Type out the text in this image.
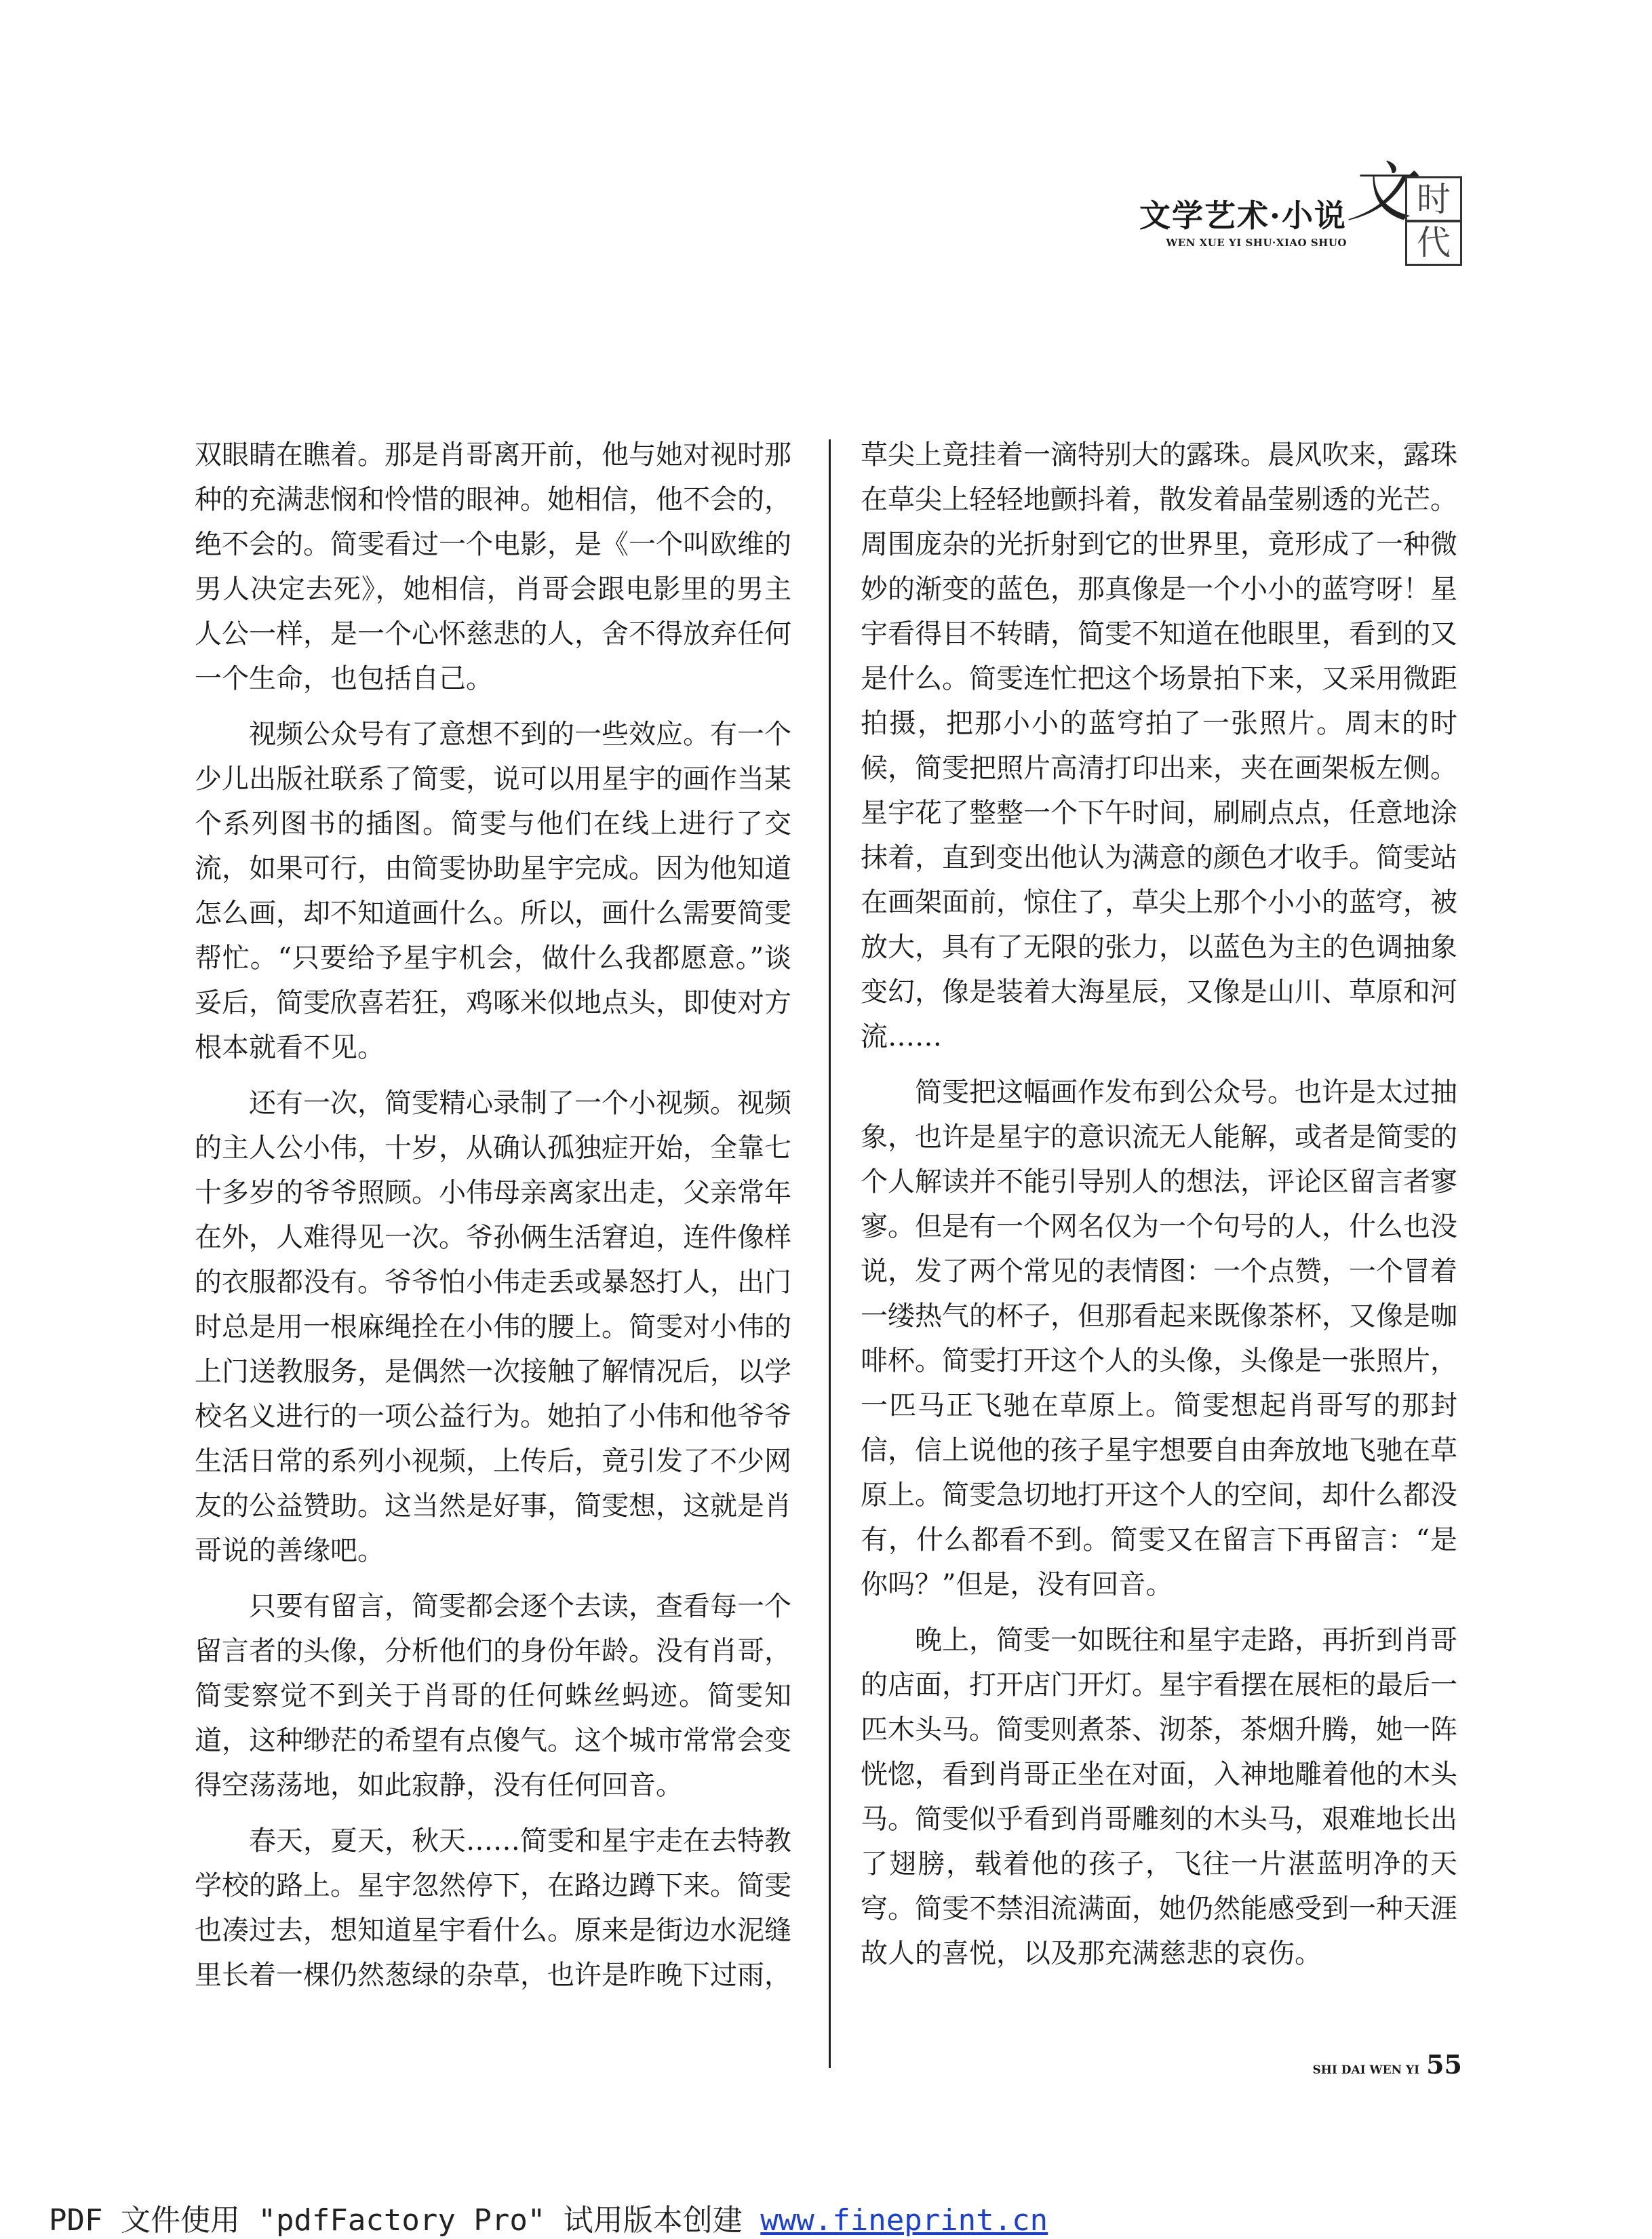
文学艺术·小说
WEN XUE YI SHU·XIAO SHUO
文 时
代

双眼睛在瞧着。那是肖哥离开前，他与她对视时那种的充满悲悯和怜惜的眼神。她相信，他不会的，绝不会的。简雯看过一个电影，是《一个叫欧维的男人决定去死》，她相信，肖哥会跟电影里的男主人公一样，是一个心怀慈悲的人，舍不得放弃任何一个生命，也包括自己。

视频公众号有了意想不到的一些效应。有一个少儿出版社联系了简雯，说可以用星宇的画作当某个系列图书的插图。简雯与他们在线上进行了交流，如果可行，由简雯协助星宇完成。因为他知道怎么画，却不知道画什么。所以，画什么需要简雯帮忙。“只要给予星宇机会，做什么我都愿意。”谈妥后，简雯欣喜若狂，鸡啄米似地点头，即使对方根本就看不见。

还有一次，简雯精心录制了一个小视频。视频的主人公小伟，十岁，从确认孤独症开始，全靠七十多岁的爷爷照顾。小伟母亲离家出走，父亲常年在外，人难得见一次。爷孙俩生活窘迫，连件像样的衣服都没有。爷爷怕小伟走丢或暴怒打人，出门时总是用一根麻绳拴在小伟的腰上。简雯对小伟的上门送教服务，是偶然一次接触了解情况后，以学校名义进行的一项公益行为。她拍了小伟和他爷爷生活日常的系列小视频，上传后，竟引发了不少网友的公益赞助。这当然是好事，简雯想，这就是肖哥说的善缘吧。

只要有留言，简雯都会逐个去读，查看每一个留言者的头像，分析他们的身份年龄。没有肖哥，简雯察觉不到关于肖哥的任何蛛丝蚂迹。简雯知道，这种缈茫的希望有点傻气。这个城市常常会变得空荡荡地，如此寂静，没有任何回音。

春天，夏天，秋天……简雯和星宇走在去特教学校的路上。星宇忽然停下，在路边蹲下来。简雯也凑过去，想知道星宇看什么。原来是街边水泥缝里长着一棵仍然葱绿的杂草，也许是昨晚下过雨，

草尖上竟挂着一滴特别大的露珠。晨风吹来，露珠在草尖上轻轻地颤抖着，散发着晶莹剔透的光芒。周围庞杂的光折射到它的世界里，竟形成了一种微妙的渐变的蓝色，那真像是一个小小的蓝穹呀！星宇看得目不转睛，简雯不知道在他眼里，看到的又是什么。简雯连忙把这个场景拍下来，又采用微距拍摄，把那小小的蓝穹拍了一张照片。周末的时候，简雯把照片高清打印出来，夹在画架板左侧。星宇花了整整一个下午时间，刷刷点点，任意地涂抹着，直到变出他认为满意的颜色才收手。简雯站在画架面前，惊住了，草尖上那个小小的蓝穹，被放大，具有了无限的张力，以蓝色为主的色调抽象变幻，像是装着大海星辰，又像是山川、草原和河流……

简雯把这幅画作发布到公众号。也许是太过抽象，也许是星宇的意识流无人能解，或者是简雯的个人解读并不能引导别人的想法，评论区留言者寥寥。但是有一个网名仅为一个句号的人，什么也没说，发了两个常见的表情图：一个点赞，一个冒着一缕热气的杯子，但那看起来既像茶杯，又像是咖啡杯。简雯打开这个人的头像，头像是一张照片，一匹马正飞驰在草原上。简雯想起肖哥写的那封信，信上说他的孩子星宇想要自由奔放地飞驰在草原上。简雯急切地打开这个人的空间，却什么都没有，什么都看不到。简雯又在留言下再留言：“是你吗？”但是，没有回音。

晚上，简雯一如既往和星宇走路，再折到肖哥的店面，打开店门开灯。星宇看摆在展柜的最后一匹木头马。简雯则煮茶、沏茶，茶烟升腾，她一阵恍惚，看到肖哥正坐在对面，入神地雕着他的木头马。简雯似乎看到肖哥雕刻的木头马，艰难地长出了翅膀，载着他的孩子，飞往一片湛蓝明净的天穹。简雯不禁泪流满面，她仍然能感受到一种天涯故人的喜悦，以及那充满慈悲的哀伤。

SHI DAI WEN YI 55
PDF 文件使用 "pdfFactory Pro" 试用版本创建 www.fineprint.cn
